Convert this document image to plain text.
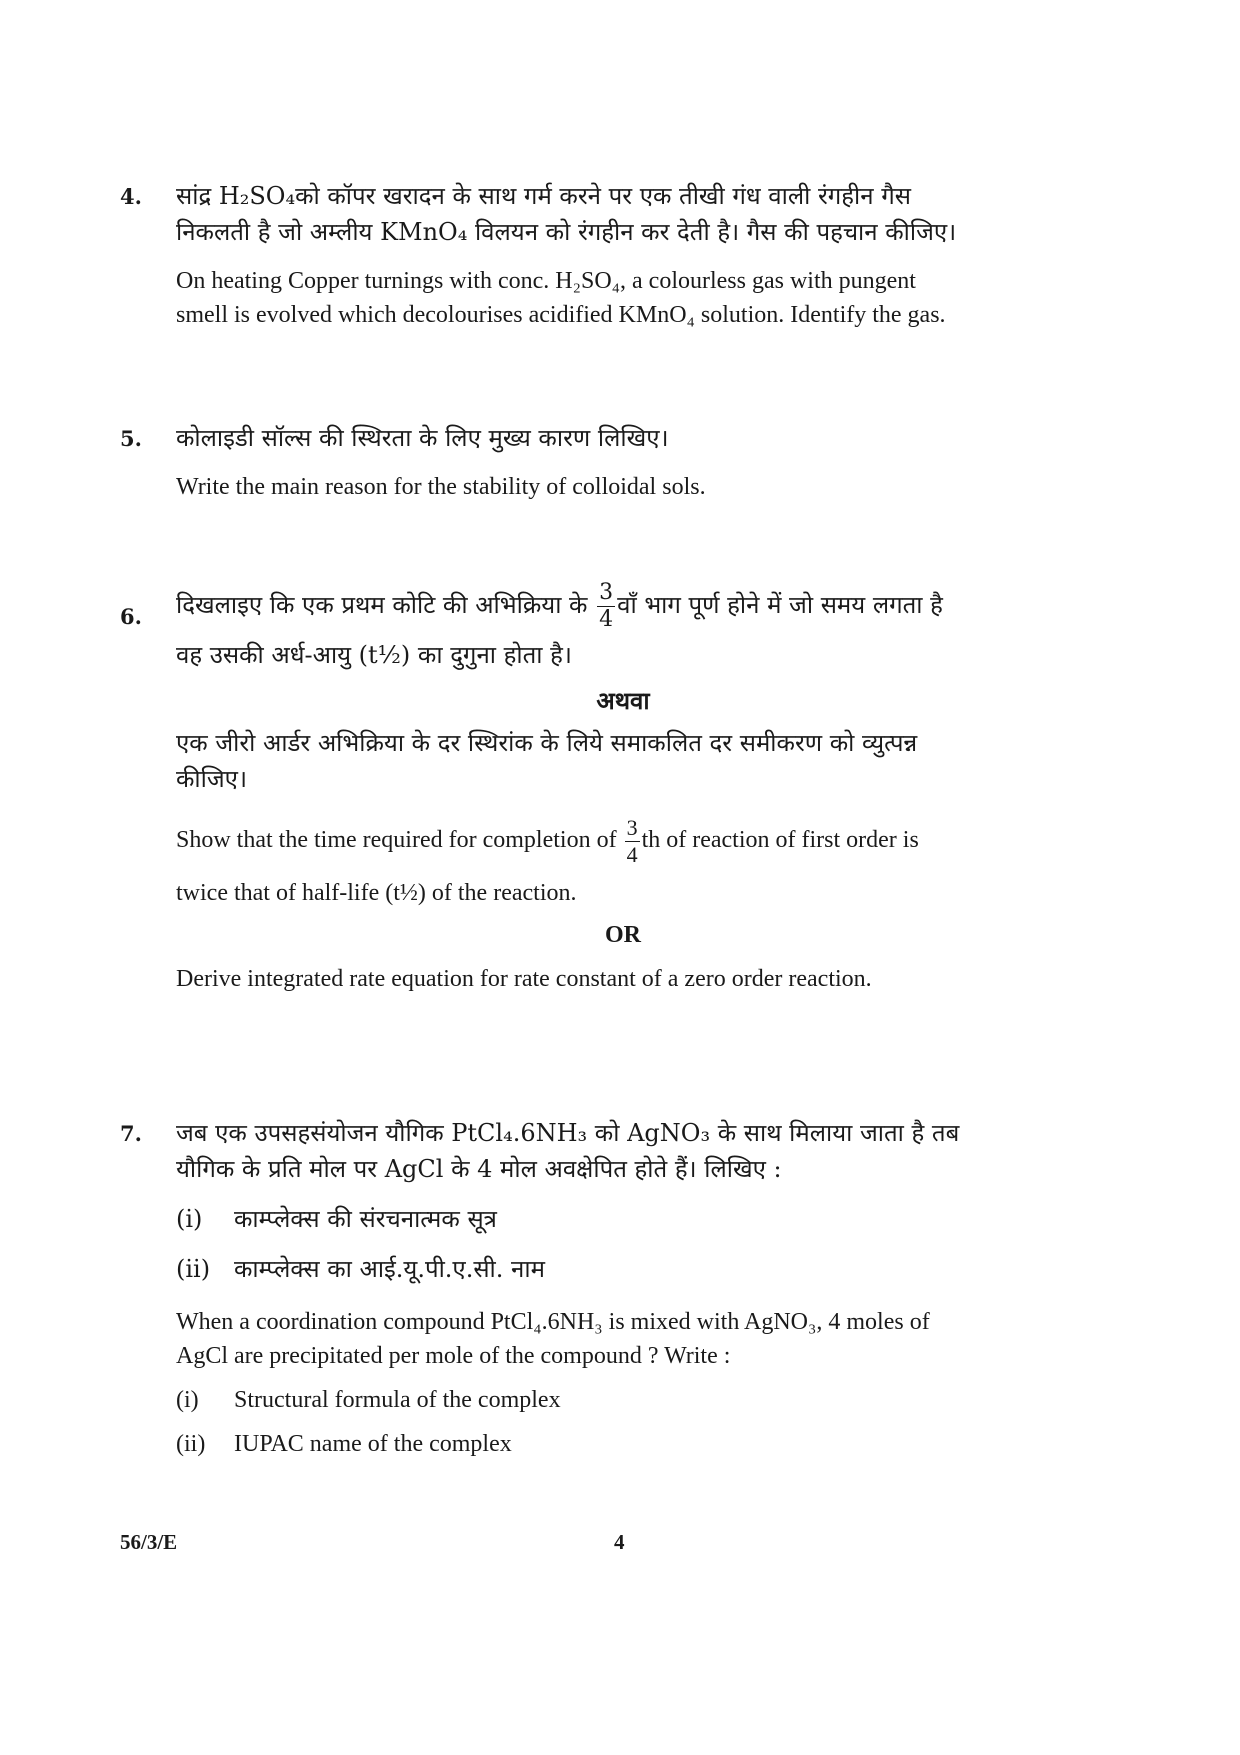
4. सांद्र H₂SO₄को कॉपर खरादन के साथ गर्म करने पर एक तीखी गंध वाली रंगहीन गैस

निकलती है जो अम्लीय KMnO₄ विलयन को रंगहीन कर देती है। गैस की पहचान कीजिए।

On heating Copper turnings with conc. H₂SO₄, a colourless gas with pungent

smell is evolved which decolourises acidified KMnO₄ solution. Identify the gas.

5. कोलाइडी सॉल्स की स्थिरता के लिए मुख्य कारण लिखिए।

Write the main reason for the stability of colloidal sols.

6. दिखलाइए कि एक प्रथम कोटि की अभिक्रिया के $\frac{3}{4}$ वाँ भाग पूर्ण होने में जो समय लगता है

वह उसकी अर्ध-आयु (t½) का दुगुना होता है।

अथवा

एक जीरो आर्डर अभिक्रिया के दर स्थिरांक के लिये समाकलित दर समीकरण को व्युत्पन्न

कीजिए।

Show that the time required for completion of $\frac{3}{4}$ th of reaction of first order is

twice that of half-life (t½) of the reaction.

OR

Derive integrated rate equation for rate constant of a zero order reaction.

7. जब एक उपसहसंयोजन यौगिक PtCl₄.6NH₃ को AgNO₃ के साथ मिलाया जाता है तब

यौगिक के प्रति मोल पर AgCl के 4 मोल अवक्षेपित होते हैं। लिखिए :

(i) काम्प्लेक्स की संरचनात्मक सूत्र

(ii) काम्प्लेक्स का आई.यू.पी.ए.सी. नाम

When a coordination compound PtCl₄.6NH₃ is mixed with AgNO₃, 4 moles of

AgCl are precipitated per mole of the compound ? Write :

(i) Structural formula of the complex

(ii) IUPAC name of the complex

56/3/E	4
